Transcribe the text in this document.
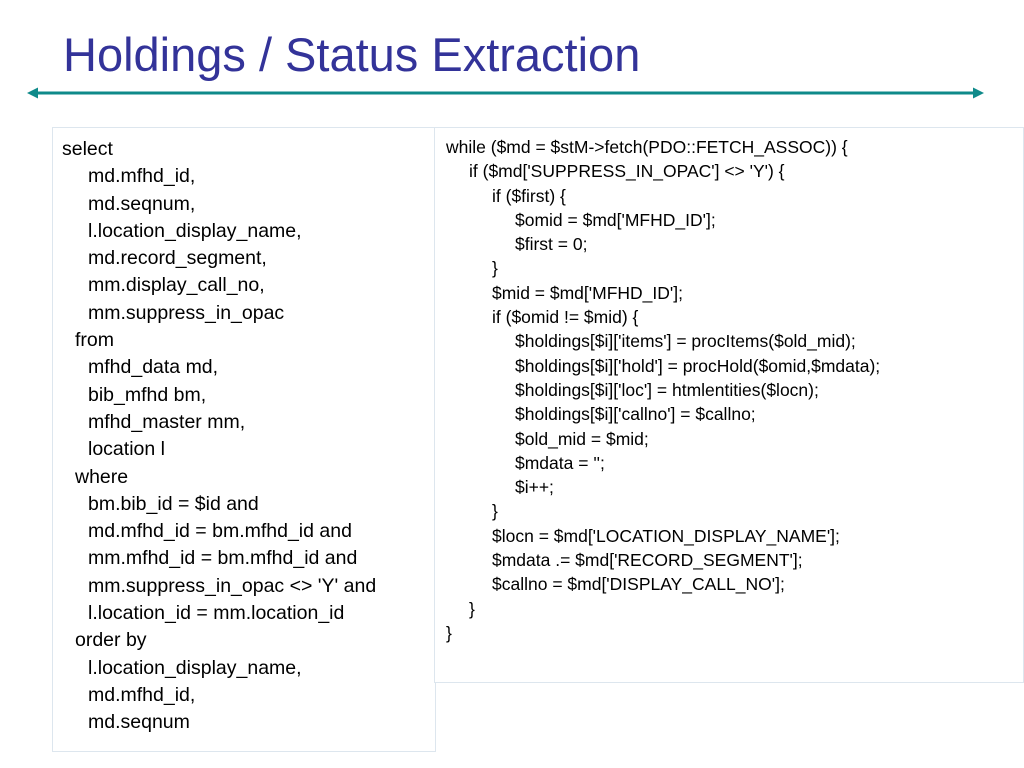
Holdings / Status Extraction
select
md.mfhd_id,
md.seqnum,
l.location_display_name,
md.record_segment,
mm.display_call_no,
mm.suppress_in_opac
from
mfhd_data md,
bib_mfhd bm,
mfhd_master mm,
location l
where
bm.bib_id = $id and
md.mfhd_id = bm.mfhd_id and
mm.mfhd_id = bm.mfhd_id and
mm.suppress_in_opac <> 'Y' and
l.location_id = mm.location_id
order by
l.location_display_name,
md.mfhd_id,
md.seqnum
while ($md = $stM->fetch(PDO::FETCH_ASSOC)) {
if ($md['SUPPRESS_IN_OPAC'] <> 'Y') {
if ($first) {
$omid = $md['MFHD_ID'];
$first = 0;
}
$mid = $md['MFHD_ID'];
if ($omid != $mid) {
$holdings[$i]['items'] = procItems($old_mid);
$holdings[$i]['hold'] = procHold($omid,$mdata);
$holdings[$i]['loc'] = htmlentities($locn);
$holdings[$i]['callno'] = $callno;
$old_mid = $mid;
$mdata = '';
$i++;
}
$locn = $md['LOCATION_DISPLAY_NAME'];
$mdata .= $md['RECORD_SEGMENT'];
$callno = $md['DISPLAY_CALL_NO'];
}
}
